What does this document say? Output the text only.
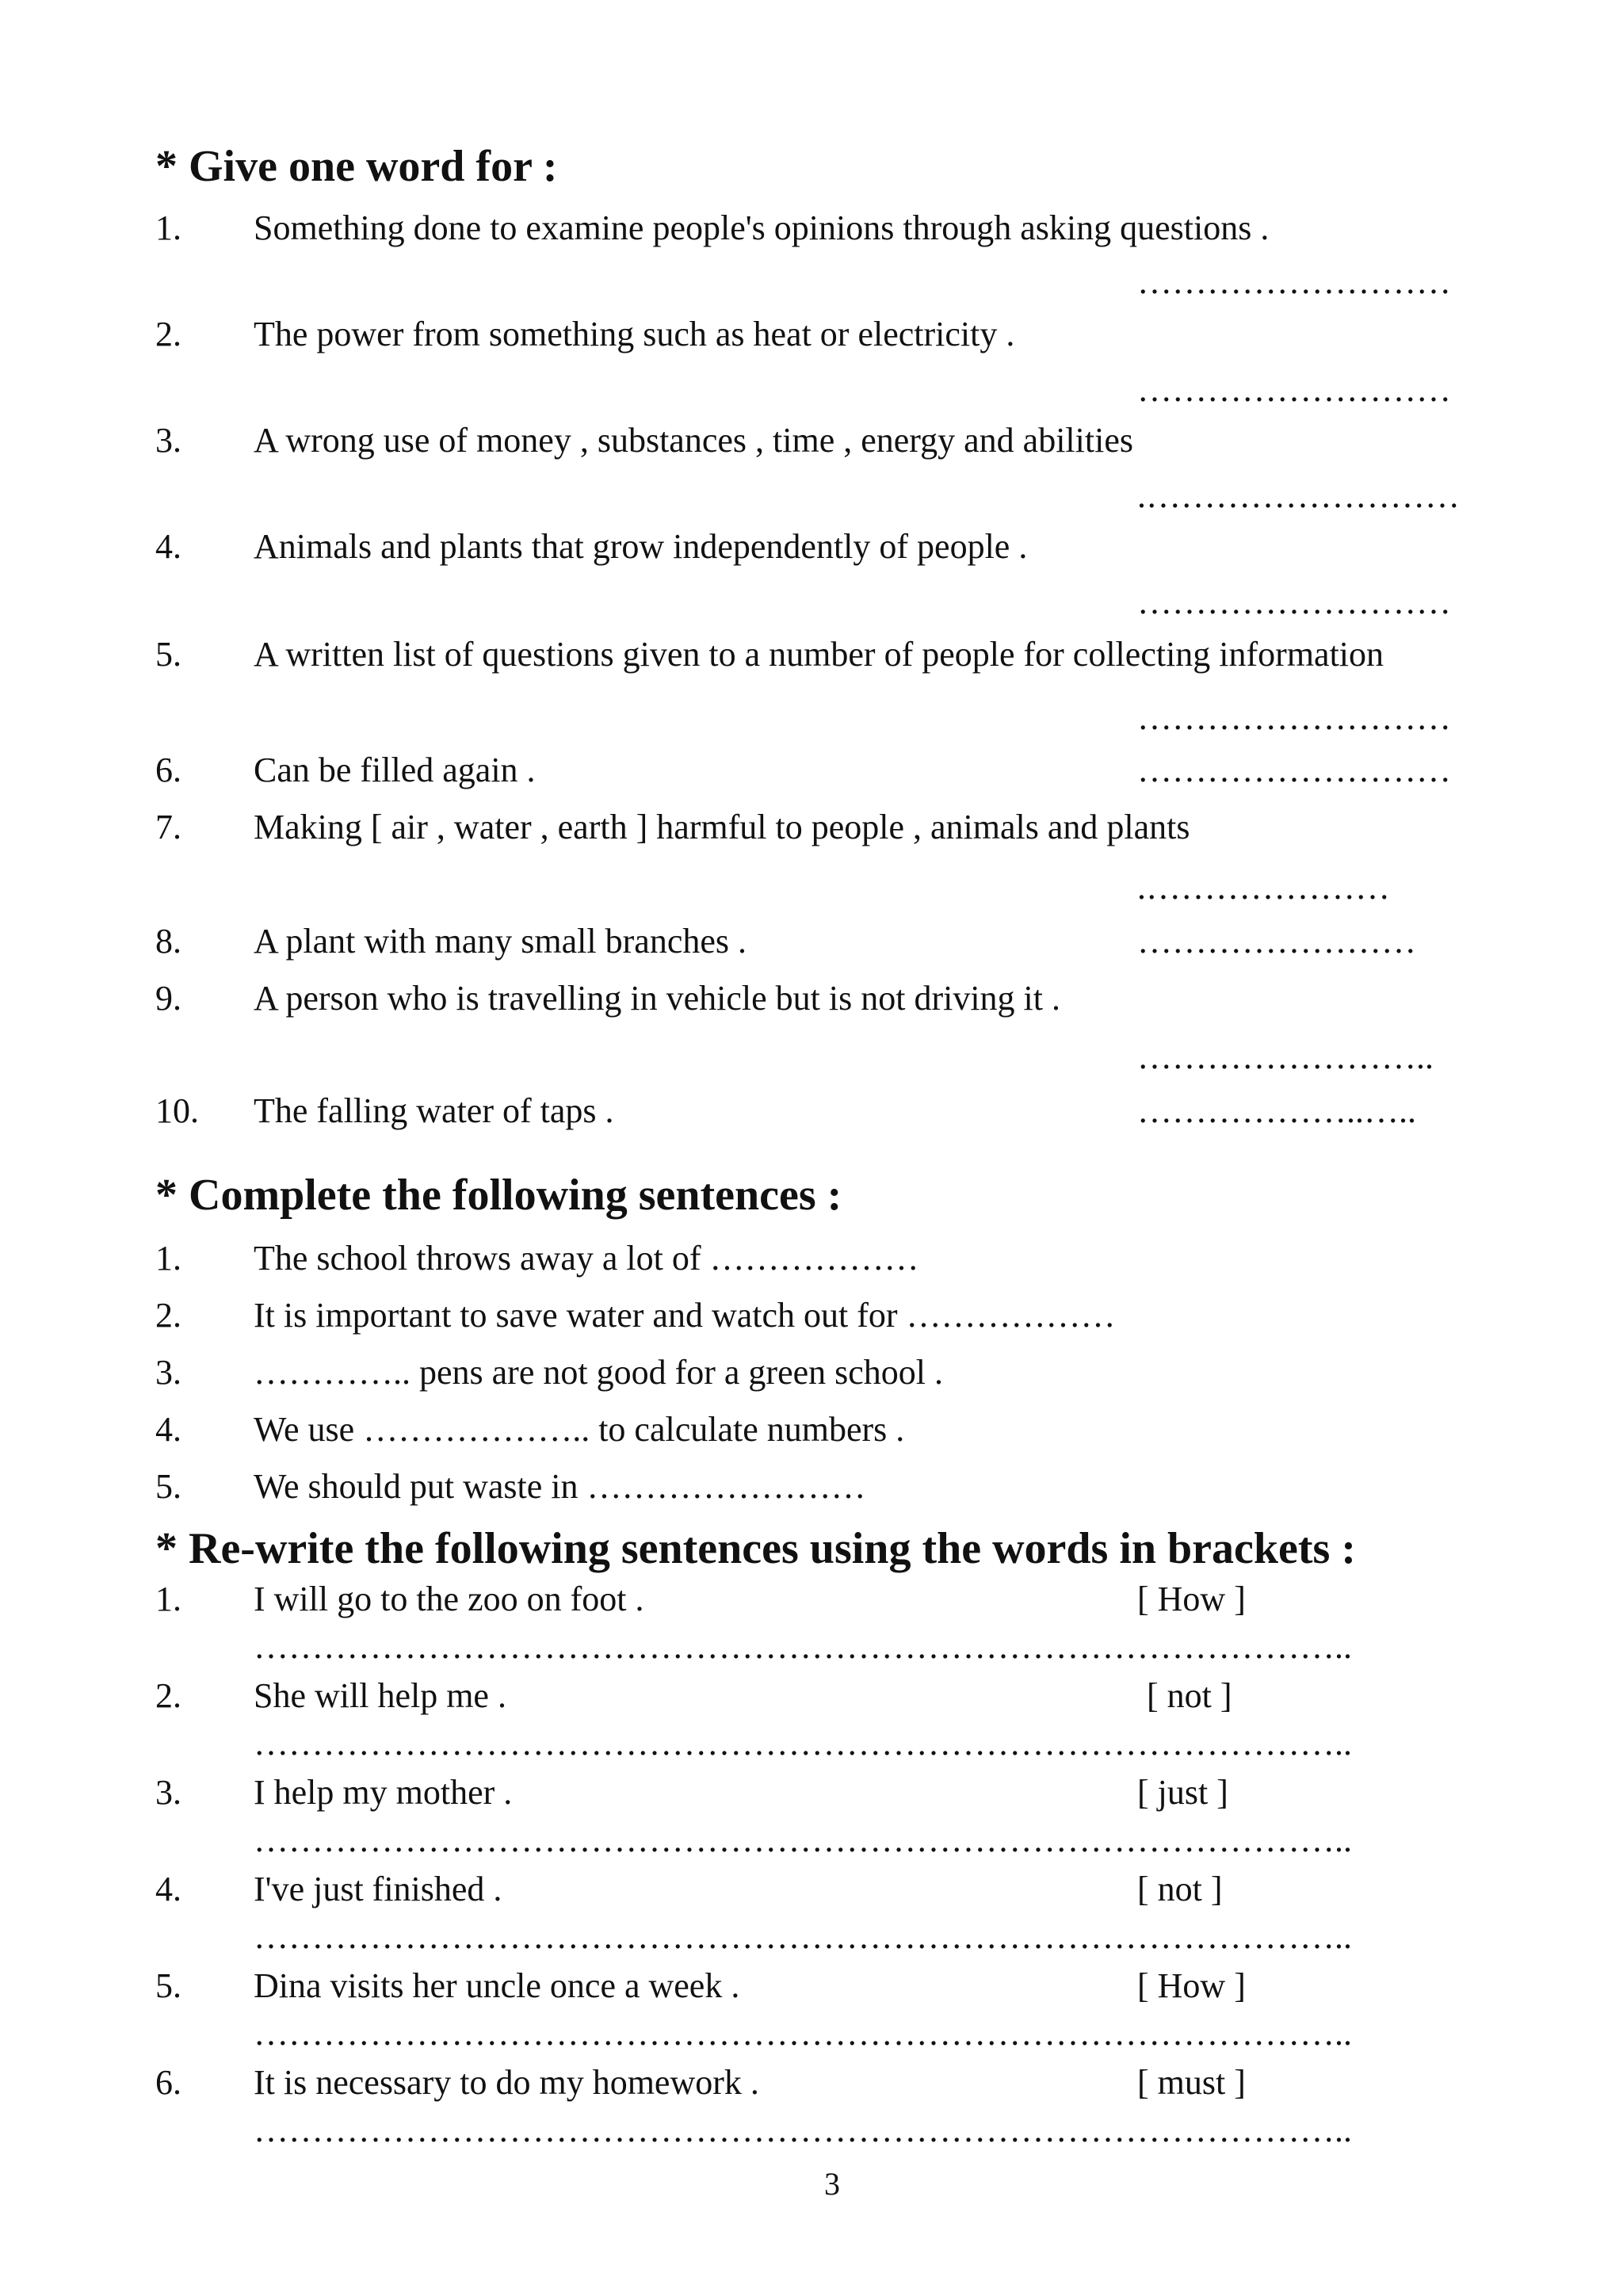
* Give one word for :
1. Something done to examine people's opinions through asking questions .
………………………
2. The power from something such as heat or electricity .
………………………
3. A wrong use of money , substances , time , energy and abilities
.………………………
4. Animals and plants that grow independently of people .
………………………
5. A written list of questions given to a number of people for collecting information
………………………
6. Can be filled again .	………………………
7. Making [ air , water , earth ] harmful to people , animals and plants
.…………………
8. A plant with many small branches .	……………………
9. A person who is travelling in vehicle but is not driving it .
……………………..
10. The falling water of taps .	………………..…..
* Complete the following sentences :
1. The school throws away a lot of ………………
2. It is important to save water and watch out for ………………
3. ………….. pens are not good for a green school .
4. We use ……………….. to calculate numbers .
5. We should put waste in ……………………
* Re-write the following sentences using the words in brackets :
1. I will go to the zoo on foot .	[ How ]
…………………………………………………………………………………..
2. She will help me .	[ not ]
…………………………………………………………………………………..
3. I help my mother .	[ just ]
…………………………………………………………………………………..
4. I've just finished .	[ not ]
…………………………………………………………………………………..
5. Dina visits her uncle once a week .	[ How ]
…………………………………………………………………………………..
6. It is necessary to do my homework .	[ must ]
…………………………………………………………………………………..
3
